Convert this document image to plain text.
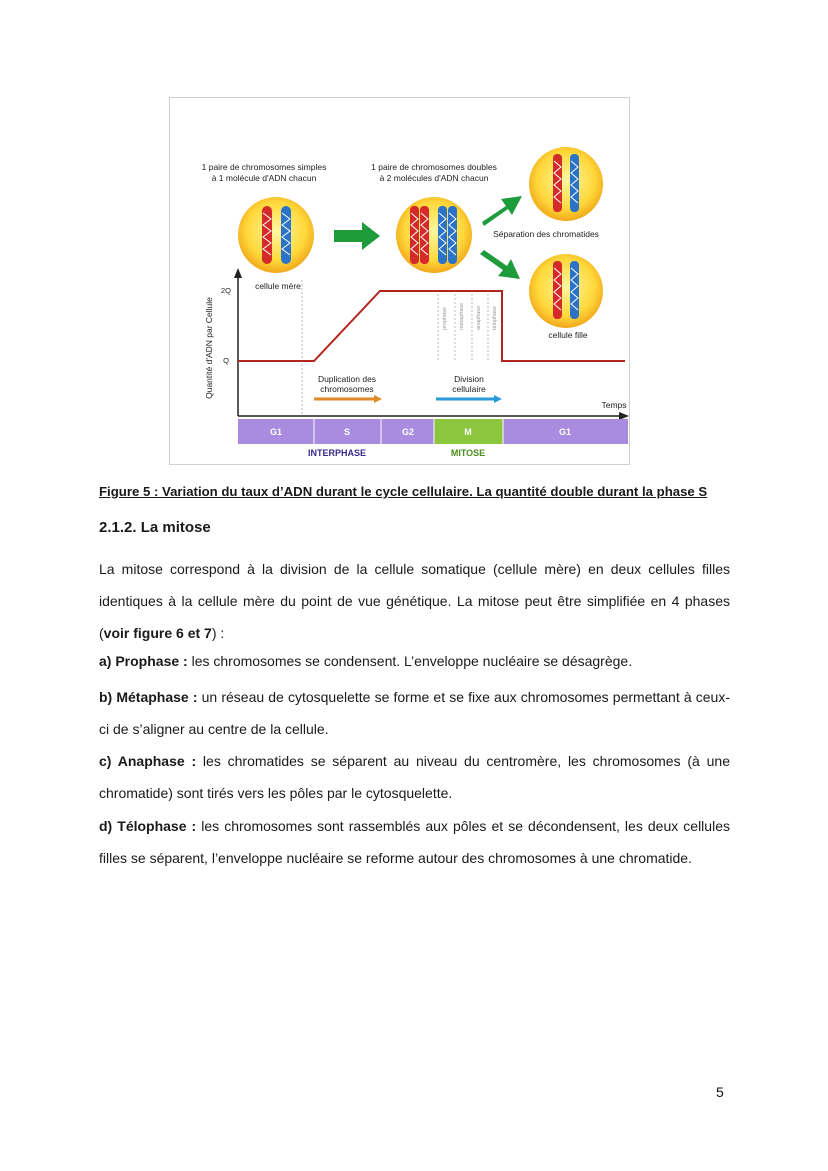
1 paire de chromosomes simples
à 1 molécule d'ADN chacun
1 paire de chromosomes doubles
à 2 molécules d'ADN chacun
Séparation des chromatides
cellule fille
Quantité d'ADN par Cellule
2Q
Q
Temps
cellule mère
prophase métaphase anaphase télophase
Duplication des
chromosomes
Division
cellulaire
G1	S	G2	M	G1
INTERPHASE	MITOSE
Figure 5 : Variation du taux d’ADN durant le cycle cellulaire. La quantité double durant la phase S
2.1.2. La mitose
La mitose correspond à la division de la cellule somatique (cellule mère) en deux cellules filles identiques à la cellule mère du point de vue génétique. La mitose peut être simplifiée en 4 phases (voir figure 6 et 7) :
a) Prophase : les chromosomes se condensent. L’enveloppe nucléaire se désagrège.
b) Métaphase : un réseau de cytosquelette se forme et se fixe aux chromosomes permettant à ceux-ci de s’aligner au centre de la cellule.
c) Anaphase : les chromatides se séparent au niveau du centromère, les chromosomes (à une chromatide) sont tirés vers les pôles par le cytosquelette.
d) Télophase : les chromosomes sont rassemblés aux pôles et se décondensent, les deux cellules filles se séparent, l’enveloppe nucléaire se reforme autour des chromosomes à une chromatide.
5
